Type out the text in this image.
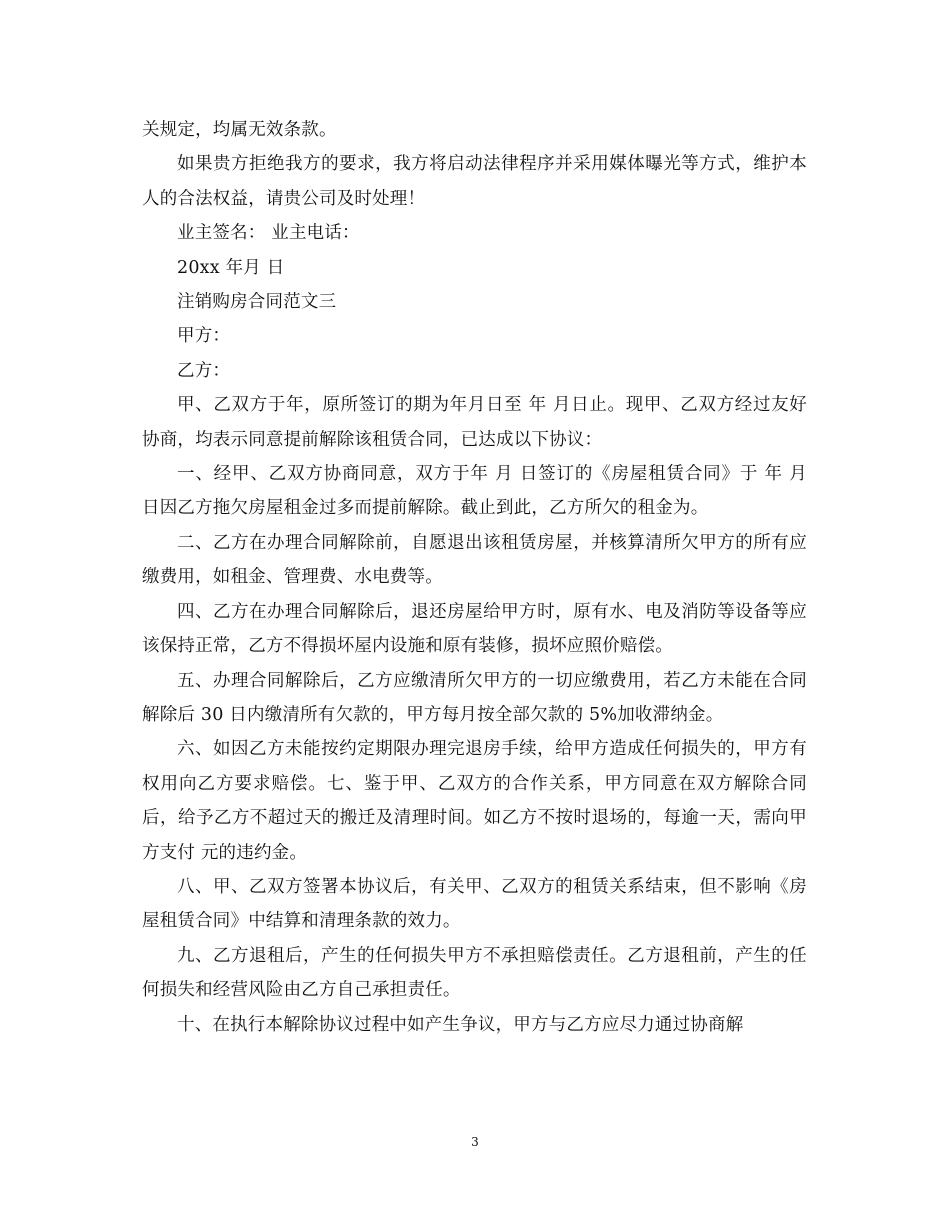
关规定，均属无效条款。

如果贵方拒绝我方的要求，我方将启动法律程序并采用媒体曝光等方式，维护本人的合法权益，请贵公司及时处理！

业主签名： 业主电话：

20xx 年月 日

注销购房合同范文三

甲方：

乙方：

甲、乙双方于年，原所签订的期为年月日至 年 月日止。现甲、乙双方经过友好协商，均表示同意提前解除该租赁合同，已达成以下协议：

一、经甲、乙双方协商同意，双方于年 月 日签订的《房屋租赁合同》于 年 月 日因乙方拖欠房屋租金过多而提前解除。截止到此，乙方所欠的租金为。

二、乙方在办理合同解除前，自愿退出该租赁房屋，并核算清所欠甲方的所有应缴费用，如租金、管理费、水电费等。

四、乙方在办理合同解除后，退还房屋给甲方时，原有水、电及消防等设备等应该保持正常，乙方不得损坏屋内设施和原有装修，损坏应照价赔偿。

五、办理合同解除后，乙方应缴清所欠甲方的一切应缴费用，若乙方未能在合同解除后 30 日内缴清所有欠款的，甲方每月按全部欠款的 5%加收滞纳金。

六、如因乙方未能按约定期限办理完退房手续，给甲方造成任何损失的，甲方有权用向乙方要求赔偿。七、鉴于甲、乙双方的合作关系，甲方同意在双方解除合同后，给予乙方不超过天的搬迁及清理时间。如乙方不按时退场的，每逾一天，需向甲方支付 元的违约金。

八、甲、乙双方签署本协议后，有关甲、乙双方的租赁关系结束，但不影响《房屋租赁合同》中结算和清理条款的效力。

九、乙方退租后，产生的任何损失甲方不承担赔偿责任。乙方退租前，产生的任何损失和经营风险由乙方自己承担责任。

十、在执行本解除协议过程中如产生争议，甲方与乙方应尽力通过协商解

3
